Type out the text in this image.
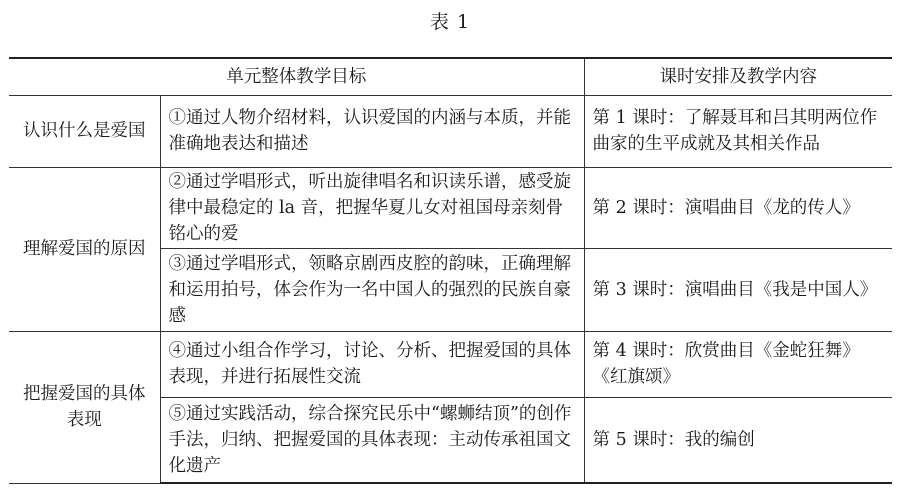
表 1
单元整体教学目标		课时安排及教学内容
认识什么是爱国	①通过人物介绍材料，认识爱国的内涵与本质，并能准确地表达和描述	第 1 课时：了解聂耳和吕其明两位作曲家的生平成就及其相关作品
理解爱国的原因	②通过学唱形式，听出旋律唱名和识读乐谱，感受旋律中最稳定的 la 音，把握华夏儿女对祖国母亲刻骨铭心的爱	第 2 课时：演唱曲目《龙的传人》
	③通过学唱形式，领略京剧西皮腔的韵味，正确理解和运用拍号，体会作为一名中国人的强烈的民族自豪感	第 3 课时：演唱曲目《我是中国人》
把握爱国的具体表现	④通过小组合作学习，讨论、分析、把握爱国的具体表现，并进行拓展性交流	第 4 课时：欣赏曲目《金蛇狂舞》《红旗颂》
	⑤通过实践活动，综合探究民乐中“螺蛳结顶”的创作手法，归纳、把握爱国的具体表现：主动传承祖国文化遗产	第 5 课时：我的编创
